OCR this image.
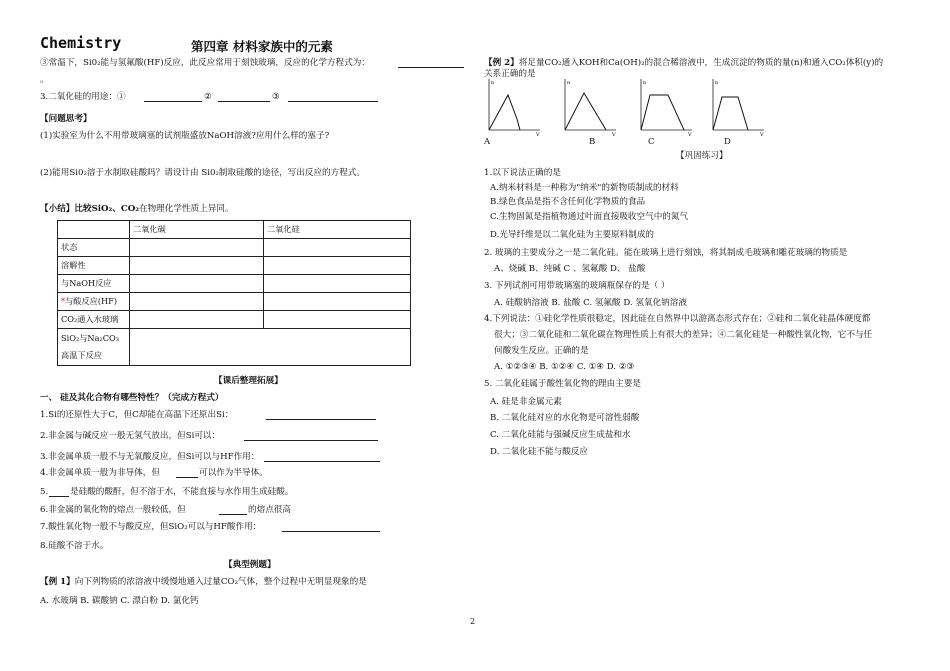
Chemistry	第四章 材料家族中的元素
③常温下，Si0₂能与氢氟酸(HF)反应，此反应常用于刻蚀玻璃，反应的化学方程式为：
。
3.二氧化硅的用途：①	②	③
【问题思考】
(1)实验室为什么不用带玻璃塞的试剂瓶盛放NaOH溶液?应用什么样的塞子?
(2)能用Si0₂溶于水制取硅酸吗？请设计由 Si0₂制取硅酸的途径，写出反应的方程式。
【小结】比较SiO₂、CO₂在物理化学性质上异同。
	二氧化碳	二氧化硅
状态		
溶解性		
与NaOH反应		
*与酸反应(HF)		
CO₂通入水玻璃		
SiO₂与Na₂CO₃
高温下反应		
【课后整理拓展】
一、 硅及其化合物有哪些特性？（完成方程式）
1.Si的还原性大于C，但C却能在高温下还原出Si：
2.非金属与碱反应一般无氢气放出，但Si可以：
3.非金属单质一般不与无氧酸反应，但Si可以与HF作用：
4.非金属单质一般为非导体，但	可以作为半导体。
5.	是硅酸的酸酐，但不溶于水，不能直接与水作用生成硅酸。
6.非金属的氧化物的熔点一般较低，但	的熔点很高
7.酸性氧化物一般不与酸反应，但SiO₂可以与HF酸作用：
8.硅酸不溶于水。
【典型例题】
【例 1】向下列物质的浓溶液中缓慢地通入过量CO₂气体，整个过程中无明显现象的是
A. 水玻璃 B. 碳酸钠 C. 漂白粉 D. 氯化钙
【例 2】将足量CO₂通入KOH和Ca(OH)₂的混合稀溶液中，生成沉淀的物质的量(n)和通入CO₂体积(y)的
关系正确的是
n
V
n
V
n
V
n
V
A	B	C	D
【巩固练习】
1.以下说法正确的是
A.纳米材料是一种称为"纳米"的新物质制成的材料
B.绿色食品是指不含任何化学物质的食品
C.生物固氮是指植物通过叶面直接吸收空气中的氮气
D.光导纤维是以二氧化硅为主要原料制成的
2. 玻璃的主要成分之一是二氧化硅。能在玻璃上进行刻蚀，将其制成毛玻璃和雕花玻璃的物质是
A、烧碱 B、纯碱 C 、氢氟酸 D、 盐酸
3. 下列试剂可用带玻璃塞的玻璃瓶保存的是（ ）
A. 硅酸钠溶液 B. 盐酸 C. 氢氟酸 D. 氢氧化钠溶液
4.下列说法：①硅化学性质很稳定，因此硅在自然界中以游离态形式存在；②硅和二氧化硅晶体硬度都
很大；③二氧化硅和二氧化碳在物理性质上有很大的差异；④二氧化硅是一种酸性氧化物，它不与任
何酸发生反应。正确的是
A. ①②③④ B. ①②④ C. ①④ D. ②③
5. 二氧化硅属于酸性氧化物的理由主要是
A. 硅是非金属元素
B. 二氧化硅对应的水化物是可溶性弱酸
C. 二氧化硅能与强碱反应生成盐和水
D. 二氧化硅不能与酸反应
2
